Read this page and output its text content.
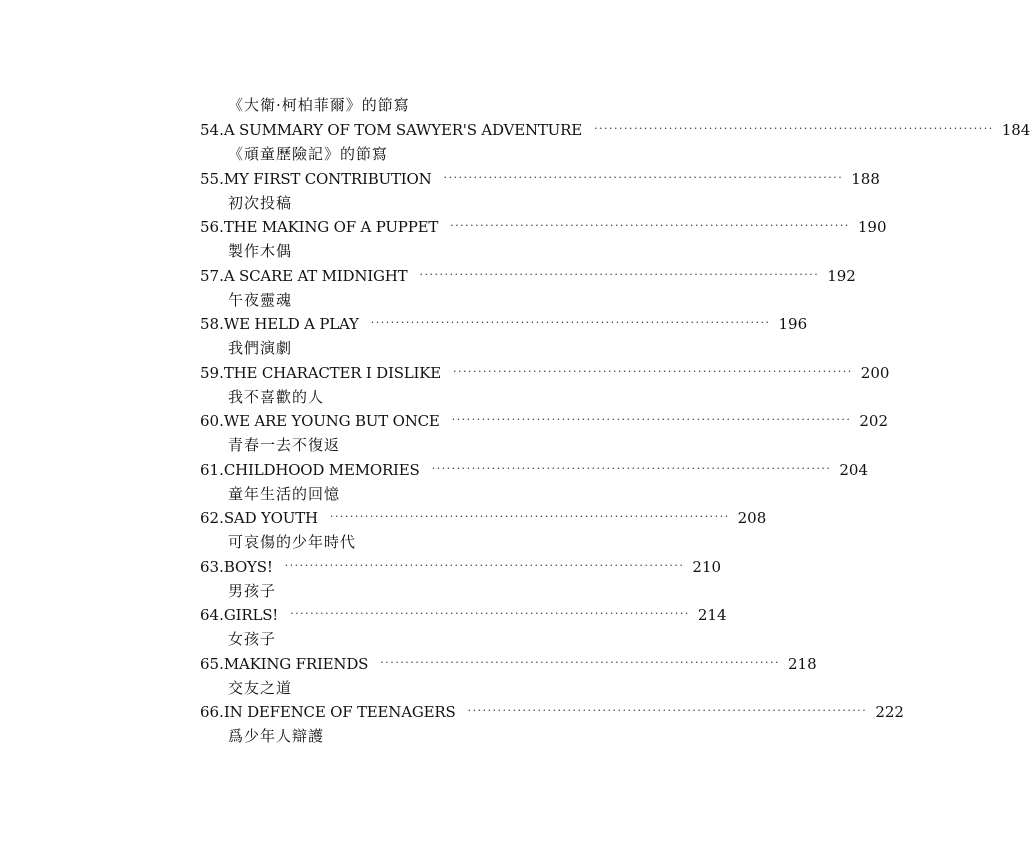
《大衛·柯柏菲爾》的節寫
54. A SUMMARY OF TOM SAWYER'S ADVENTURE ················································································ 184
《頑童歷險記》的節寫
55. MY FIRST CONTRIBUTION ················································································ 188
初次投稿
56. THE MAKING OF A PUPPET ················································································ 190
製作木偶
57. A SCARE AT MIDNIGHT ················································································ 192
午夜靈魂
58. WE HELD A PLAY ················································································ 196
我們演劇
59. THE CHARACTER I DISLIKE ················································································ 200
我不喜歡的人
60. WE ARE YOUNG BUT ONCE ················································································ 202
青春一去不復返
61. CHILDHOOD MEMORIES ················································································ 204
童年生活的回憶
62. SAD YOUTH ················································································ 208
可哀傷的少年時代
63. BOYS! ················································································ 210
男孩子
64. GIRLS! ················································································ 214
女孩子
65. MAKING FRIENDS ················································································ 218
交友之道
66. IN DEFENCE OF TEENAGERS ················································································ 222
爲少年人辯護
